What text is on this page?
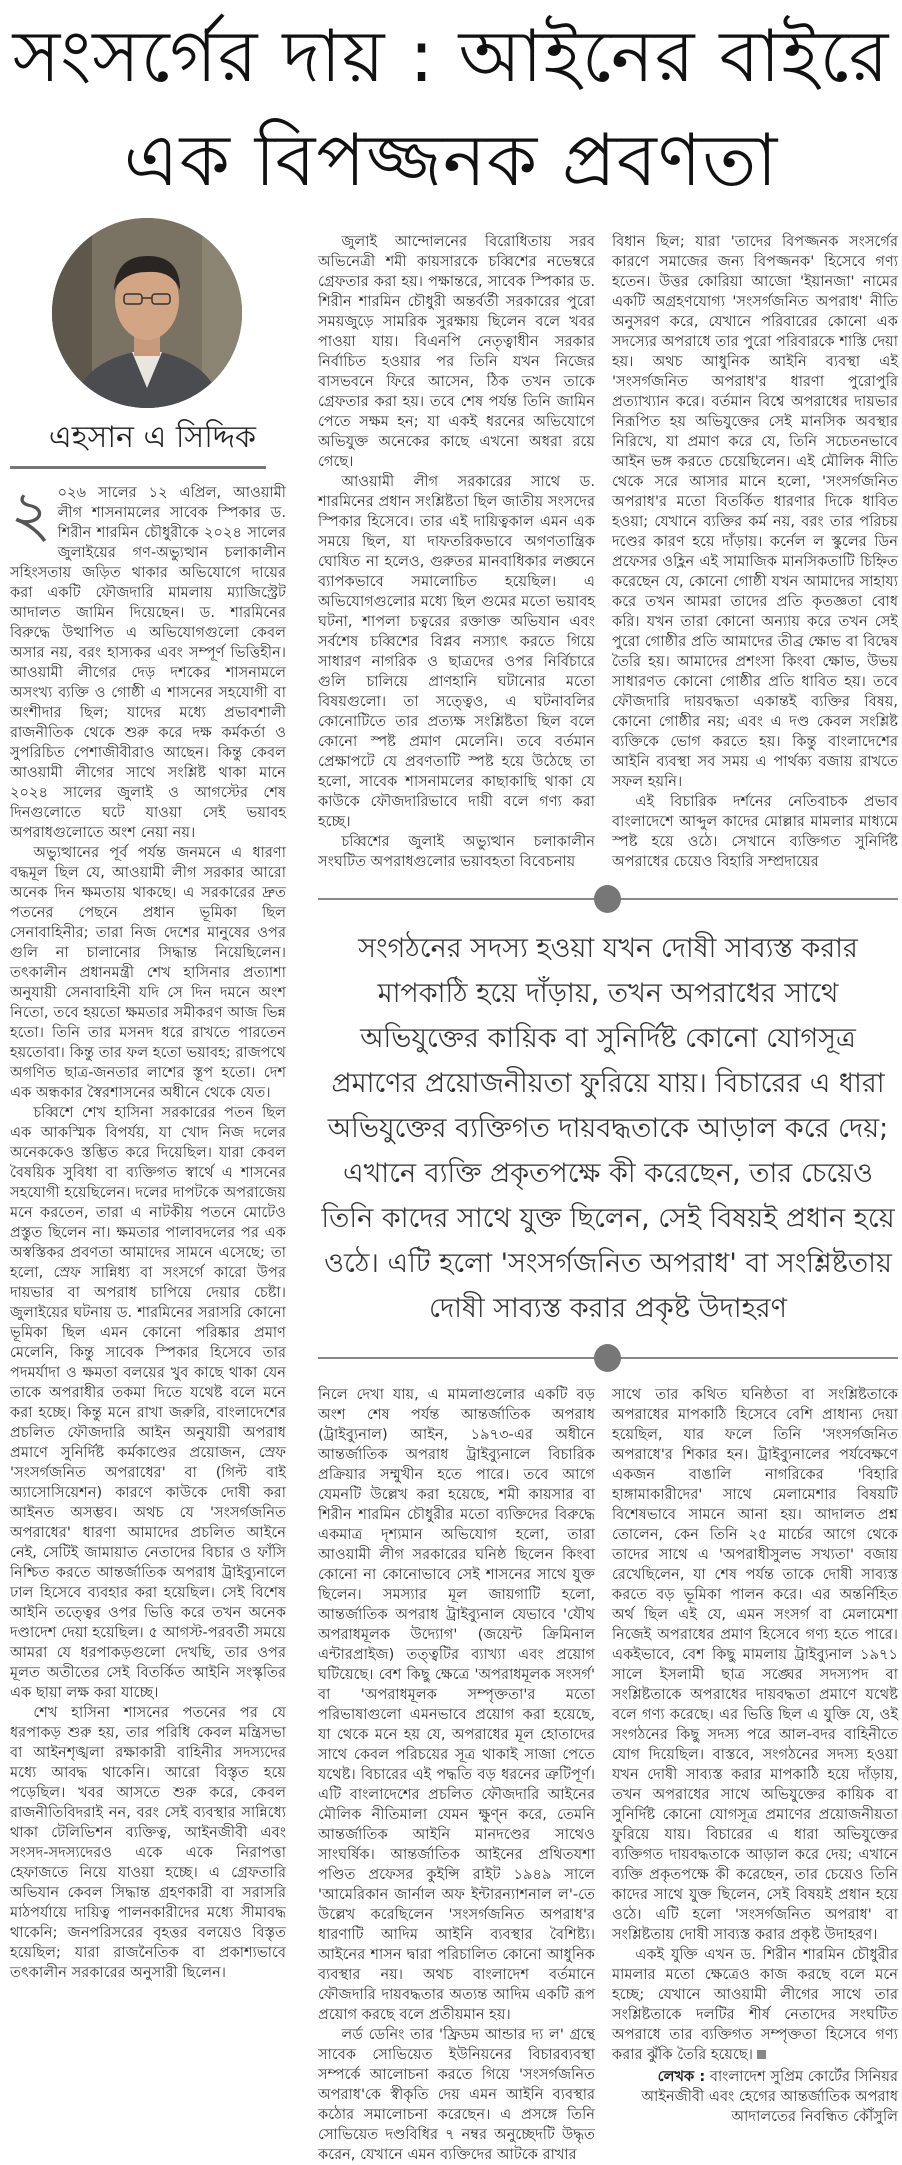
সংসর্গের দায় : আইনের বাইরে
এক বিপজ্জনক প্রবণতা
এহসান এ সিদ্দিক

২ ০২৬ সালের ১২ এপ্রিল, আওয়ামী লীগ শাসনামলের সাবেক স্পিকার ড. শিরীন শারমিন চৌধুরীকে ২০২৪ সালের জুলাইয়ের গণ-অভ্যুত্থান চলাকালীন সহিংসতায় জড়িত থাকার অভিযোগে দায়ের করা একটি ফৌজদারি মামলায় ম্যাজিস্ট্রেট আদালত জামিন দিয়েছেন। ড. শারমিনের বিরুদ্ধে উত্থাপিত এ অভিযোগগুলো কেবল অসার নয়, বরং হাস্যকর এবং সম্পূর্ণ ভিত্তিহীন। আওয়ামী লীগের দেড় দশকের শাসনামলে অসংখ্য ব্যক্তি ও গোষ্ঠী এ শাসনের সহযোগী বা অংশীদার ছিল; যাদের মধ্যে প্রভাবশালী রাজনীতিক থেকে শুরু করে দক্ষ কর্মকর্তা ও সুপরিচিত পেশাজীবীরাও আছেন। কিন্তু কেবল আওয়ামী লীগের সাথে সংশ্লিষ্ট থাকা মানে ২০২৪ সালের জুলাই ও আগস্টের শেষ দিনগুলোতে ঘটে যাওয়া সেই ভয়াবহ অপরাধগুলোতে অংশ নেয়া নয়।

অভ্যুত্থানের পূর্ব পর্যন্ত জনমনে এ ধারণা বদ্ধমূল ছিল যে, আওয়ামী লীগ সরকার আরো অনেক দিন ক্ষমতায় থাকছে। এ সরকারের দ্রুত পতনের পেছনে প্রধান ভূমিকা ছিল সেনাবাহিনীর; তারা নিজ দেশের মানুষের ওপর গুলি না চালানোর সিদ্ধান্ত নিয়েছিলেন। তৎকালীন প্রধানমন্ত্রী শেখ হাসিনার প্রত্যাশা অনুযায়ী সেনাবাহিনী যদি সে দিন দমনে অংশ নিতো, তবে হয়তো ক্ষমতার সমীকরণ আজ ভিন্ন হতো। তিনি তার মসনদ ধরে রাখতে পারতেন হয়তোবা। কিন্তু তার ফল হতো ভয়াবহ; রাজপথে অগণিত ছাত্র-জনতার লাশের স্তূপ হতো। দেশ এক অন্ধকার স্বৈরশাসনের অধীনে থেকে যেত।

চব্বিশে শেখ হাসিনা সরকারের পতন ছিল এক আকস্মিক বিপর্যয়, যা খোদ নিজ দলের অনেককেও স্তম্ভিত করে দিয়েছিল। যারা কেবল বৈষয়িক সুবিধা বা ব্যক্তিগত স্বার্থে এ শাসনের সহযোগী হয়েছিলেন। দলের দাপটকে অপরাজেয় মনে করতেন, তারা এ নাটকীয় পতনে মোটেও প্রস্তুত ছিলেন না। ক্ষমতার পালাবদলের পর এক অস্বস্তিকর প্রবণতা আমাদের সামনে এসেছে; তা হলো, স্রেফ সান্নিধ্য বা সংসর্গে কারো উপর দায়ভার বা অপরাধ চাপিয়ে দেয়ার চেষ্টা। জুলাইয়ের ঘটনায় ড. শারমিনের সরাসরি কোনো ভূমিকা ছিল এমন কোনো পরিষ্কার প্রমাণ মেলেনি, কিন্তু সাবেক স্পিকার হিসেবে তার পদমর্যাদা ও ক্ষমতা বলয়ের খুব কাছে থাকা যেন তাকে অপরাধীর তকমা দিতে যথেষ্ট বলে মনে করা হচ্ছে। কিন্তু মনে রাখা জরুরি, বাংলাদেশের প্রচলিত ফৌজদারি আইন অনুযায়ী অপরাধ প্রমাণে সুনির্দিষ্ট কর্মকাণ্ডের প্রয়োজন, স্রেফ 'সংসর্গজনিত অপরাধের' বা (গিল্ট বাই অ্যাসোসিয়েশন) কারণে কাউকে দোষী করা আইনত অসম্ভব। অথচ যে 'সংসর্গজনিত অপরাধের' ধারণা আমাদের প্রচলিত আইনে নেই, সেটিই জামায়াত নেতাদের বিচার ও ফাঁসি নিশ্চিত করতে আন্তর্জাতিক অপরাধ ট্রাইব্যুনালে ঢাল হিসেবে ব্যবহার করা হয়েছিল। সেই বিশেষ আইনি তত্ত্বের ওপর ভিত্তি করে তখন অনেক দণ্ডাদেশ দেয়া হয়েছিল। ৫ আগস্ট-পরবর্তী সময়ে আমরা যে ধরপাকড়গুলো দেখছি, তার ওপর মূলত অতীতের সেই বিতর্কিত আইনি সংস্কৃতির এক ছায়া লক্ষ করা যাচ্ছে।

শেখ হাসিনা শাসনের পতনের পর যে ধরপাকড় শুরু হয়, তার পরিধি কেবল মন্ত্রিসভা বা আইনশৃঙ্খলা রক্ষাকারী বাহিনীর সদস্যদের মধ্যে আবদ্ধ থাকেনি। আরো বিস্তৃত হয়ে পড়েছিল। খবর আসতে শুরু করে, কেবল রাজনীতিবিদরাই নন, বরং সেই ব্যবস্থার সান্নিধ্যে থাকা টেলিভিশন ব্যক্তিত্ব, আইনজীবী এবং সংসদ-সদস্যদেরও একে একে নিরাপত্তা হেফাজতে নিয়ে যাওয়া হচ্ছে। এ গ্রেফতারি অভিযান কেবল সিদ্ধান্ত গ্রহণকারী বা সরাসরি মাঠপর্যায়ে দায়িত্ব পালনকারীদের মধ্যে সীমাবদ্ধ থাকেনি; জনপরিসরের বৃহত্তর বলয়েও বিস্তৃত হয়েছিল; যারা রাজনৈতিক বা প্রকাশ্যভাবে তৎকালীন সরকারের অনুসারী ছিলেন।

জুলাই আন্দোলনের বিরোধিতায় সরব অভিনেত্রী শমী কায়সারকে চব্বিশের নভেম্বরে গ্রেফতার করা হয়। পক্ষান্তরে, সাবেক স্পিকার ড. শিরীন শারমিন চৌধুরী অন্তর্বর্তী সরকারের পুরো সময়জুড়ে সামরিক সুরক্ষায় ছিলেন বলে খবর পাওয়া যায়। বিএনপি নেতৃত্বাধীন সরকার নির্বাচিত হওয়ার পর তিনি যখন নিজের বাসভবনে ফিরে আসেন, ঠিক তখন তাকে গ্রেফতার করা হয়। তবে শেষ পর্যন্ত তিনি জামিন পেতে সক্ষম হন; যা একই ধরনের অভিযোগে অভিযুক্ত অনেকের কাছে এখনো অধরা রয়ে গেছে।

আওয়ামী লীগ সরকারের সাথে ড. শারমিনের প্রধান সংশ্লিষ্টতা ছিল জাতীয় সংসদের স্পিকার হিসেবে। তার এই দায়িত্বকাল এমন এক সময়ে ছিল, যা দাফতরিকভাবে অগণতান্ত্রিক ঘোষিত না হলেও, গুরুতর মানবাধিকার লঙ্ঘনে ব্যাপকভাবে সমালোচিত হয়েছিল। এ অভিযোগগুলোর মধ্যে ছিল গুমের মতো ভয়াবহ ঘটনা, শাপলা চত্বরের রক্তাক্ত অভিযান এবং সর্বশেষ চব্বিশের বিপ্লব নস্যাৎ করতে গিয়ে সাধারণ নাগরিক ও ছাত্রদের ওপর নির্বিচারে গুলি চালিয়ে প্রাণহানি ঘটানোর মতো বিষয়গুলো। তা সত্ত্বেও, এ ঘটনাবলির কোনোটিতে তার প্রত্যক্ষ সংশ্লিষ্টতা ছিল বলে কোনো স্পষ্ট প্রমাণ মেলেনি। তবে বর্তমান প্রেক্ষাপটে যে প্রবণতাটি স্পষ্ট হয়ে উঠেছে তা হলো, সাবেক শাসনামলের কাছাকাছি থাকা যে কাউকে ফৌজদারিভাবে দায়ী বলে গণ্য করা হচ্ছে।

চব্বিশের জুলাই অভ্যুত্থান চলাকালীন সংঘটিত অপরাধগুলোর ভয়াবহতা বিবেচনায়

বিধান ছিল; যারা 'তাদের বিপজ্জনক সংসর্গের কারণে সমাজের জন্য বিপজ্জনক' হিসেবে গণ্য হতেন। উত্তর কোরিয়া আজো 'ইয়ানজা' নামের একটি অগ্রহণযোগ্য 'সংসর্গজনিত অপরাধ' নীতি অনুসরণ করে, যেখানে পরিবারের কোনো এক সদস্যের অপরাধে তার পুরো পরিবারকে শাস্তি দেয়া হয়। অথচ আধুনিক আইনি ব্যবস্থা এই 'সংসর্গজনিত অপরাধ'র ধারণা পুরোপুরি প্রত্যাখ্যান করে। বর্তমান বিশ্বে অপরাধের দায়ভার নিরূপিত হয় অভিযুক্তের সেই মানসিক অবস্থার নিরিখে, যা প্রমাণ করে যে, তিনি সচেতনভাবে আইন ভঙ্গ করতে চেয়েছিলেন। এই মৌলিক নীতি থেকে সরে আসার মানে হলো, 'সংসর্গজনিত অপরাধ'র মতো বিতর্কিত ধারণার দিকে ধাবিত হওয়া; যেখানে ব্যক্তির কর্ম নয়, বরং তার পরিচয় দণ্ডের কারণ হয়ে দাঁড়ায়। কর্নেল ল স্কুলের ডিন প্রফেসর ওহ্লিন এই সামাজিক মানসিকতাটি চিহ্নিত করেছেন যে, কোনো গোষ্ঠী যখন আমাদের সাহায্য করে তখন আমরা তাদের প্রতি কৃতজ্ঞতা বোধ করি। যখন তারা কোনো অন্যায় করে তখন সেই পুরো গোষ্ঠীর প্রতি আমাদের তীব্র ক্ষোভ বা বিদ্বেষ তৈরি হয়। আমাদের প্রশংসা কিংবা ক্ষোভ, উভয় সাধারণত কোনো গোষ্ঠীর প্রতি ধাবিত হয়। তবে ফৌজদারি দায়বদ্ধতা একান্তই ব্যক্তির বিষয়, কোনো গোষ্ঠীর নয়; এবং এ দণ্ড কেবল সংশ্লিষ্ট ব্যক্তিকে ভোগ করতে হয়। কিন্তু বাংলাদেশের আইনি ব্যবস্থা সব সময় এ পার্থক্য বজায় রাখতে সফল হয়নি।

এই বিচারিক দর্শনের নেতিবাচক প্রভাব বাংলাদেশে আব্দুল কাদের মোল্লার মামলার মাধ্যমে স্পষ্ট হয়ে ওঠে। সেখানে ব্যক্তিগত সুনির্দিষ্ট অপরাধের চেয়েও বিহারি সম্প্রদায়ের

সংগঠনের সদস্য হওয়া যখন দোষী সাব্যস্ত করার মাপকাঠি হয়ে দাঁড়ায়, তখন অপরাধের সাথে অভিযুক্তের কায়িক বা সুনির্দিষ্ট কোনো যোগসূত্র প্রমাণের প্রয়োজনীয়তা ফুরিয়ে যায়। বিচারের এ ধারা অভিযুক্তের ব্যক্তিগত দায়বদ্ধতাকে আড়াল করে দেয়; এখানে ব্যক্তি প্রকৃতপক্ষে কী করেছেন, তার চেয়েও তিনি কাদের সাথে যুক্ত ছিলেন, সেই বিষয়ই প্রধান হয়ে ওঠে। এটি হলো 'সংসর্গজনিত অপরাধ' বা সংশ্লিষ্টতায় দোষী সাব্যস্ত করার প্রকৃষ্ট উদাহরণ

নিলে দেখা যায়, এ মামলাগুলোর একটি বড় অংশ শেষ পর্যন্ত আন্তর্জাতিক অপরাধ (ট্রাইব্যুনাল) আইন, ১৯৭৩-এর অধীনে আন্তর্জাতিক অপরাধ ট্রাইব্যুনালে বিচারিক প্রক্রিয়ার সম্মুখীন হতে পারে। তবে আগে যেমনটি উল্লেখ করা হয়েছে, শমী কায়সার বা শিরীন শারমিন চৌধুরীর মতো ব্যক্তিদের বিরুদ্ধে একমাত্র দৃশ্যমান অভিযোগ হলো, তারা আওয়ামী লীগ সরকারের ঘনিষ্ঠ ছিলেন কিংবা কোনো না কোনোভাবে সেই শাসনের সাথে যুক্ত ছিলেন। সমস্যার মূল জায়গাটি হলো, আন্তর্জাতিক অপরাধ ট্রাইব্যুনাল যেভাবে 'যৌথ অপরাধমূলক উদ্যোগ' (জয়েন্ট ক্রিমিনাল এন্টারপ্রাইজ) তত্ত্বটির ব্যাখ্যা এবং প্রয়োগ ঘটিয়েছে। বেশ কিছু ক্ষেত্রে 'অপরাধমূলক সংসর্গ' বা 'অপরাধমূলক সম্পৃক্ততা'র মতো পরিভাষাগুলো এমনভাবে প্রয়োগ করা হয়েছে, যা থেকে মনে হয় যে, অপরাধের মূল হোতাদের সাথে কেবল পরিচয়ের সূত্র থাকাই সাজা পেতে যথেষ্ট। বিচারের এই পদ্ধতি বড় ধরনের ত্রুটিপূর্ণ। এটি বাংলাদেশের প্রচলিত ফৌজদারি আইনের মৌলিক নীতিমালা যেমন ক্ষুণ্ন করে, তেমনি আন্তর্জাতিক আইনি মানদণ্ডের সাথেও সাংঘর্ষিক। আন্তর্জাতিক আইনের প্রথিতযশা পণ্ডিত প্রফেসর কুইন্সি রাইট ১৯৪৯ সালে 'আমেরিকান জার্নাল অফ ইন্টারন্যাশনাল ল'-তে উল্লেখ করেছিলেন 'সংসর্গজনিত অপরাধ'র ধারণাটি আদিম আইনি ব্যবস্থার বৈশিষ্ট্য। আইনের শাসন দ্বারা পরিচালিত কোনো আধুনিক ব্যবস্থার নয়। অথচ বাংলাদেশ বর্তমানে ফৌজদারি দায়বদ্ধতার অত্যন্ত আদিম একটি রূপ প্রয়োগ করছে বলে প্রতীয়মান হয়।

লর্ড ডেনিং তার 'ফ্রিডম আন্ডার দ্য ল' গ্রন্থে সাবেক সোভিয়েত ইউনিয়নের বিচারব্যবস্থা সম্পর্কে আলোচনা করতে গিয়ে 'সংসর্গজনিত অপরাধ'কে স্বীকৃতি দেয় এমন আইনি ব্যবস্থার কঠোর সমালোচনা করেছেন। এ প্রসঙ্গে তিনি সোভিয়েত দণ্ডবিধির ৭ নম্বর অনুচ্ছেদটি উদ্ধৃত করেন, যেখানে এমন ব্যক্তিদের আটকে রাখার

সাথে তার কথিত ঘনিষ্ঠতা বা সংশ্লিষ্টতাকে অপরাধের মাপকাঠি হিসেবে বেশি প্রাধান্য দেয়া হয়েছিল, যার ফলে তিনি 'সংসর্গজনিত অপরাধে'র শিকার হন। ট্রাইব্যুনালের পর্যবেক্ষণে একজন বাঙালি নাগরিকের 'বিহারি হাঙ্গামাকারীদের' সাথে মেলামেশার বিষয়টি বিশেষভাবে সামনে আনা হয়। আদালত প্রশ্ন তোলেন, কেন তিনি ২৫ মার্চের আগে থেকে তাদের সাথে এ 'অপরাধীসুলভ সখ্যতা' বজায় রেখেছিলেন, যা শেষ পর্যন্ত তাকে দোষী সাব্যস্ত করতে বড় ভূমিকা পালন করে। এর অন্তর্নিহিত অর্থ ছিল এই যে, এমন সংসর্গ বা মেলামেশা নিজেই অপরাধের প্রমাণ হিসেবে গণ্য হতে পারে। একইভাবে, বেশ কিছু মামলায় ট্রাইব্যুনাল ১৯৭১ সালে ইসলামী ছাত্র সঙ্ঘের সদস্যপদ বা সংশ্লিষ্টতাকে অপরাধের দায়বদ্ধতা প্রমাণে যথেষ্ট বলে গণ্য করেছে। এর ভিত্তি ছিল এ যুক্তি যে, ওই সংগঠনের কিছু সদস্য পরে আল-বদর বাহিনীতে যোগ দিয়েছিল। বাস্তবে, সংগঠনের সদস্য হওয়া যখন দোষী সাব্যস্ত করার মাপকাঠি হয়ে দাঁড়ায়, তখন অপরাধের সাথে অভিযুক্তের কায়িক বা সুনির্দিষ্ট কোনো যোগসূত্র প্রমাণের প্রয়োজনীয়তা ফুরিয়ে যায়। বিচারের এ ধারা অভিযুক্তের ব্যক্তিগত দায়বদ্ধতাকে আড়াল করে দেয়; এখানে ব্যক্তি প্রকৃতপক্ষে কী করেছেন, তার চেয়েও তিনি কাদের সাথে যুক্ত ছিলেন, সেই বিষয়ই প্রধান হয়ে ওঠে। এটি হলো 'সংসর্গজনিত অপরাধ' বা সংশ্লিষ্টতায় দোষী সাব্যস্ত করার প্রকৃষ্ট উদাহরণ।

একই যুক্তি এখন ড. শিরীন শারমিন চৌধুরীর মামলার মতো ক্ষেত্রেও কাজ করছে বলে মনে হচ্ছে; যেখানে আওয়ামী লীগের সাথে তার সংশ্লিষ্টতাকে দলটির শীর্ষ নেতাদের সংঘটিত অপরাধে তার ব্যক্তিগত সম্পৃক্ততা হিসেবে গণ্য করার ঝুঁকি তৈরি হয়েছে।

লেখক : বাংলাদেশ সুপ্রিম কোর্টের সিনিয়র আইনজীবী এবং হেগের আন্তর্জাতিক অপরাধ আদালতের নিবন্ধিত কৌঁসুলি
